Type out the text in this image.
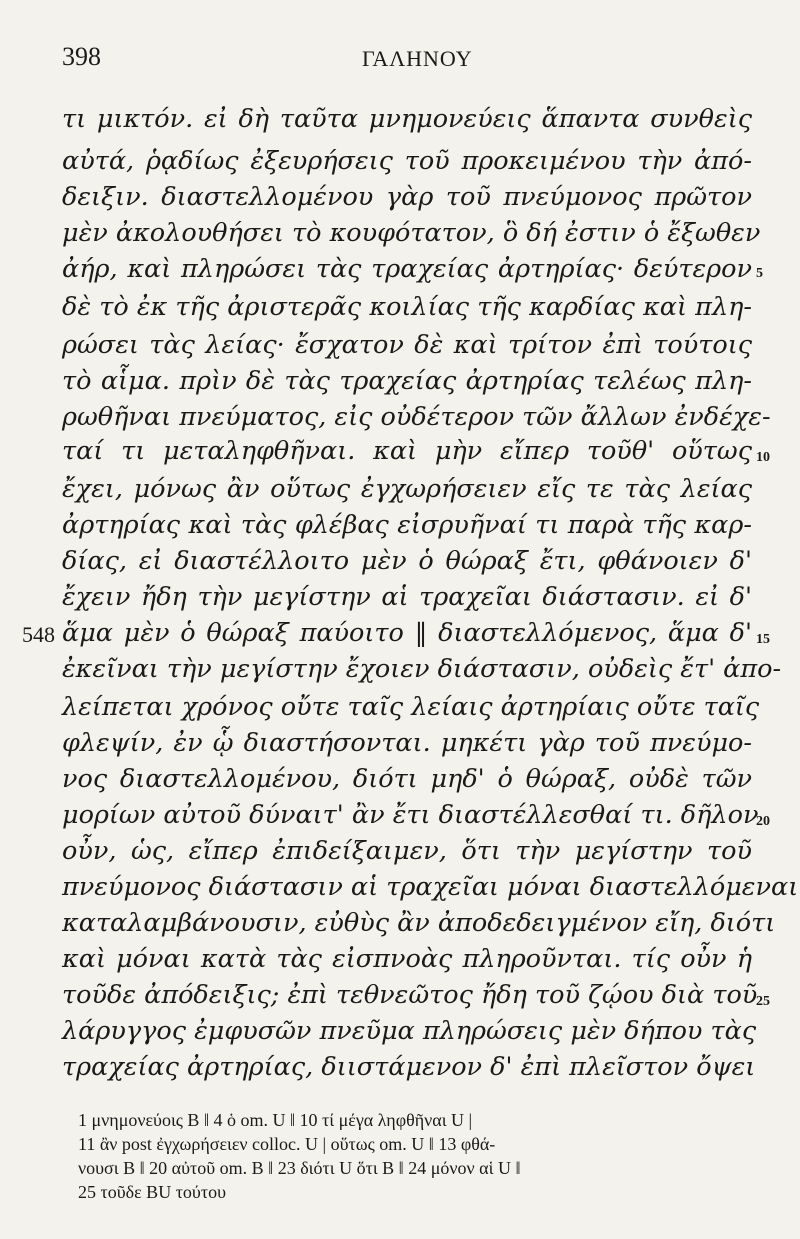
398	ΓΑΛΗΝΟΥ
τι μικτόν. εἰ δὴ ταῦτα μνημονεύεις ἅπαντα συνθεὶς
αὐτά, ῥᾳδίως ἐξευρήσεις τοῦ προκειμένου τὴν ἀπό-
δειξιν. διαστελλομένου γὰρ τοῦ πνεύμονος πρῶτον
μὲν ἀκολουθήσει τὸ κουφότατον, ὃ δή ἐστιν ὁ ἔξωθεν
ἀήρ, καὶ πληρώσει τὰς τραχείας ἀρτηρίας· δεύτερον
δὲ τὸ ἐκ τῆς ἀριστερᾶς κοιλίας τῆς καρδίας καὶ πλη-
ρώσει τὰς λείας· ἔσχατον δὲ καὶ τρίτον ἐπὶ τούτοις
τὸ αἷμα. πρὶν δὲ τὰς τραχείας ἀρτηρίας τελέως πλη-
ρωθῆναι πνεύματος, εἰς οὐδέτερον τῶν ἄλλων ἐνδέχε-
ταί τι μεταληφθῆναι. καὶ μὴν εἴπερ τοῦθ' οὕτως
ἔχει, μόνως ἂν οὕτως ἐγχωρήσειεν εἴς τε τὰς λείας
ἀρτηρίας καὶ τὰς φλέβας εἰσρυῆναί τι παρὰ τῆς καρ-
δίας, εἰ διαστέλλοιτο μὲν ὁ θώραξ ἔτι, φθάνοιεν δ'
ἔχειν ἤδη τὴν μεγίστην αἱ τραχεῖαι διάστασιν. εἰ δ'
ἅμα μὲν ὁ θώραξ παύοιτο ‖ διαστελλόμενος, ἅμα δ'
ἐκεῖναι τὴν μεγίστην ἔχοιεν διάστασιν, οὐδεὶς ἔτ' ἀπο-
λείπεται χρόνος οὔτε ταῖς λείαις ἀρτηρίαις οὔτε ταῖς
φλεψίν, ἐν ᾧ διαστήσονται. μηκέτι γὰρ τοῦ πνεύμο-
νος διαστελλομένου, διότι μηδ' ὁ θώραξ, οὐδὲ τῶν
μορίων αὐτοῦ δύναιτ' ἂν ἔτι διαστέλλεσθαί τι. δῆλον
οὖν, ὡς, εἴπερ ἐπιδείξαιμεν, ὅτι τὴν μεγίστην τοῦ
πνεύμονος διάστασιν αἱ τραχεῖαι μόναι διαστελλόμεναι
καταλαμβάνουσιν, εὐθὺς ἂν ἀποδεδειγμένον εἴη, διότι
καὶ μόναι κατὰ τὰς εἰσπνοὰς πληροῦνται. τίς οὖν ἡ
τοῦδε ἀπόδειξις; ἐπὶ τεθνεῶτος ἤδη τοῦ ζῴου διὰ τοῦ
λάρυγγος ἐμφυσῶν πνεῦμα πληρώσεις μὲν δήπου τὰς
τραχείας ἀρτηρίας, διιστάμενον δ' ἐπὶ πλεῖστον ὄψει
5
10
15
20
25
548
1 μνημονεύοις B ‖ 4 ὁ om. U ‖ 10 τί μέγα ληφθῆναι U |
11 ἂν post ἐγχωρήσειεν colloc. U | οὕτως om. U ‖ 13 φθά-
νουσι B ‖ 20 αὐτοῦ om. B ‖ 23 διότι U ὅτι B ‖ 24 μόνον αἱ U ‖
25 τοῦδε BU τούτου
